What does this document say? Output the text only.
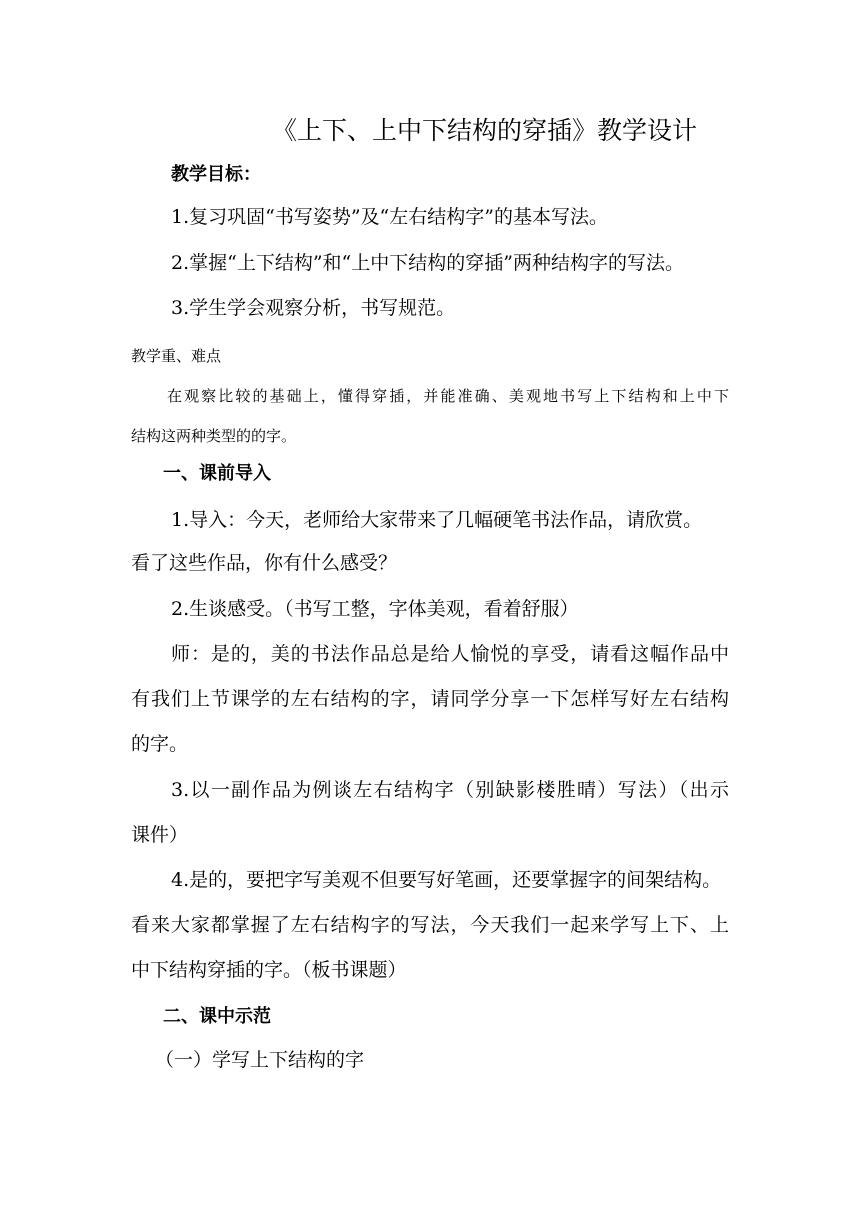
《上下、上中下结构的穿插》教学设计
教学目标：
1.复习巩固“书写姿势”及“左右结构字”的基本写法。
2.掌握“上下结构”和“上中下结构的穿插”两种结构字的写法。
3.学生学会观察分析，书写规范。
教学重、难点
在观察比较的基础上，懂得穿插，并能准确、美观地书写上下结构和上中下
结构这两种类型的的字。
一、课前导入
1.导入：今天，老师给大家带来了几幅硬笔书法作品，请欣赏。
看了这些作品，你有什么感受？
2.生谈感受。（书写工整，字体美观，看着舒服）
师：是的，美的书法作品总是给人愉悦的享受，请看这幅作品中
有我们上节课学的左右结构的字，请同学分享一下怎样写好左右结构
的字。
3.以一副作品为例谈左右结构字（别缺影楼胜晴）写法）（出示
课件）
4.是的，要把字写美观不但要写好笔画，还要掌握字的间架结构。
看来大家都掌握了左右结构字的写法，今天我们一起来学写上下、上
中下结构穿插的字。（板书课题）
二、课中示范
（一）学写上下结构的字
